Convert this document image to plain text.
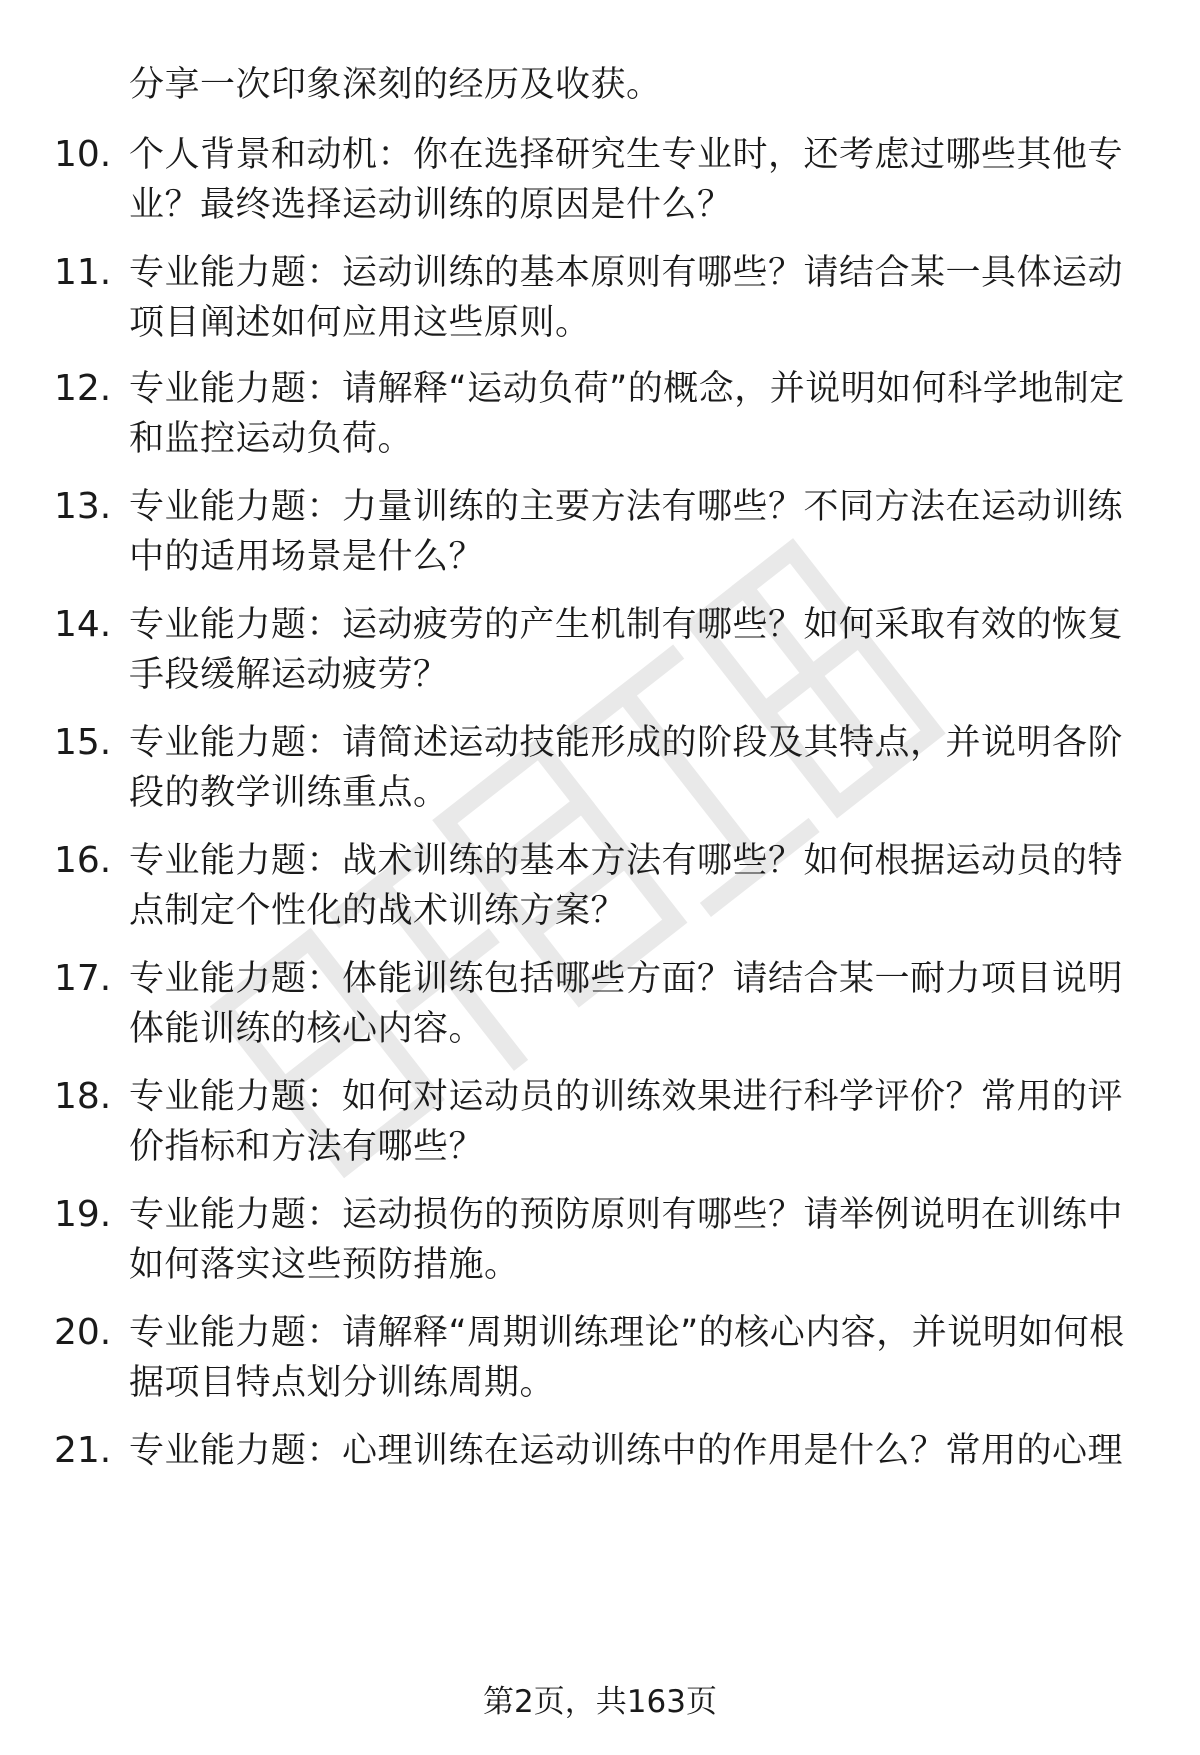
分享一次印象深刻的经历及收获。
10. 个人背景和动机：你在选择研究生专业时，还考虑过哪些其他专业？最终选择运动训练的原因是什么？
11. 专业能力题：运动训练的基本原则有哪些？请结合某一具体运动项目阐述如何应用这些原则。
12. 专业能力题：请解释“运动负荷”的概念，并说明如何科学地制定和监控运动负荷。
13. 专业能力题：力量训练的主要方法有哪些？不同方法在运动训练中的适用场景是什么？
14. 专业能力题：运动疲劳的产生机制有哪些？如何采取有效的恢复手段缓解运动疲劳？
15. 专业能力题：请简述运动技能形成的阶段及其特点，并说明各阶段的教学训练重点。
16. 专业能力题：战术训练的基本方法有哪些？如何根据运动员的特点制定个性化的战术训练方案？
17. 专业能力题：体能训练包括哪些方面？请结合某一耐力项目说明体能训练的核心内容。
18. 专业能力题：如何对运动员的训练效果进行科学评价？常用的评价指标和方法有哪些？
19. 专业能力题：运动损伤的预防原则有哪些？请举例说明在训练中如何落实这些预防措施。
20. 专业能力题：请解释“周期训练理论”的核心内容，并说明如何根据项目特点划分训练周期。
21. 专业能力题：心理训练在运动训练中的作用是什么？常用的心理
第2页，共163页
